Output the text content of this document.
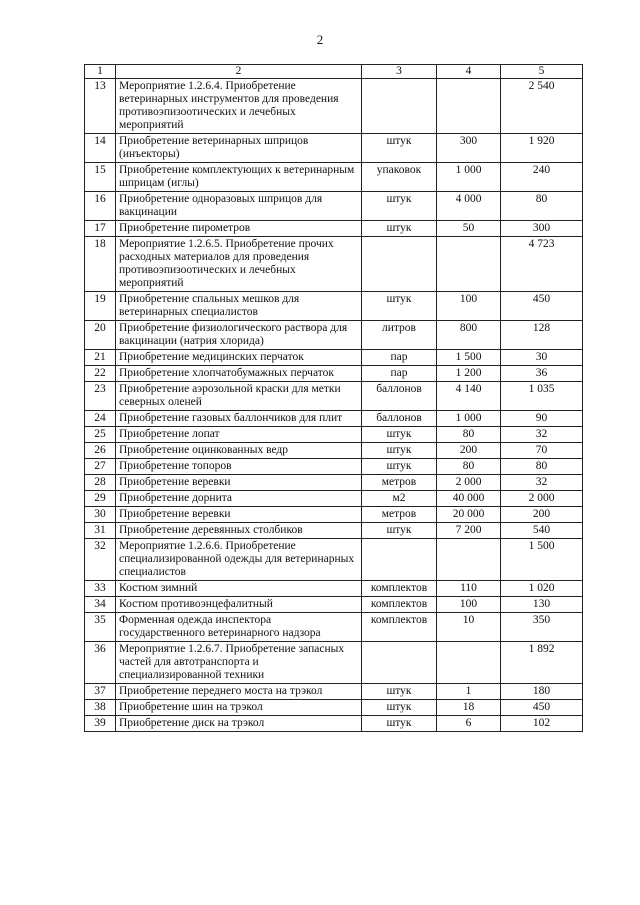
2
1	2	3	4	5
13	Мероприятие 1.2.6.4. Приобретение ветеринарных инструментов для проведения противоэпизоотических и лечебных мероприятий			2 540
14	Приобретение ветеринарных шприцов (инъекторы)	штук	300	1 920
15	Приобретение комплектующих к ветеринарным шприцам (иглы)	упаковок	1 000	240
16	Приобретение одноразовых шприцов для вакцинации	штук	4 000	80
17	Приобретение пирометров	штук	50	300
18	Мероприятие 1.2.6.5. Приобретение прочих расходных материалов для проведения противоэпизоотических и лечебных мероприятий			4 723
19	Приобретение спальных мешков для ветеринарных специалистов	штук	100	450
20	Приобретение физиологического раствора для вакцинации (натрия хлорида)	литров	800	128
21	Приобретение медицинских перчаток	пар	1 500	30
22	Приобретение хлопчатобумажных перчаток	пар	1 200	36
23	Приобретение аэрозольной краски для метки северных оленей	баллонов	4 140	1 035
24	Приобретение газовых баллончиков для плит	баллонов	1 000	90
25	Приобретение лопат	штук	80	32
26	Приобретение оцинкованных ведр	штук	200	70
27	Приобретение топоров	штук	80	80
28	Приобретение веревки	метров	2 000	32
29	Приобретение дорнита	м2	40 000	2 000
30	Приобретение веревки	метров	20 000	200
31	Приобретение деревянных столбиков	штук	7 200	540
32	Мероприятие 1.2.6.6. Приобретение специализированной одежды для ветеринарных специалистов			1 500
33	Костюм зимний	комплектов	110	1 020
34	Костюм противоэнцефалитный	комплектов	100	130
35	Форменная одежда инспектора государственного ветеринарного надзора	комплектов	10	350
36	Мероприятие 1.2.6.7. Приобретение запасных частей для автотранспорта и специализированной техники			1 892
37	Приобретение переднего моста на трэкол	штук	1	180
38	Приобретение шин на трэкол	штук	18	450
39	Приобретение диск на трэкол	штук	6	102
